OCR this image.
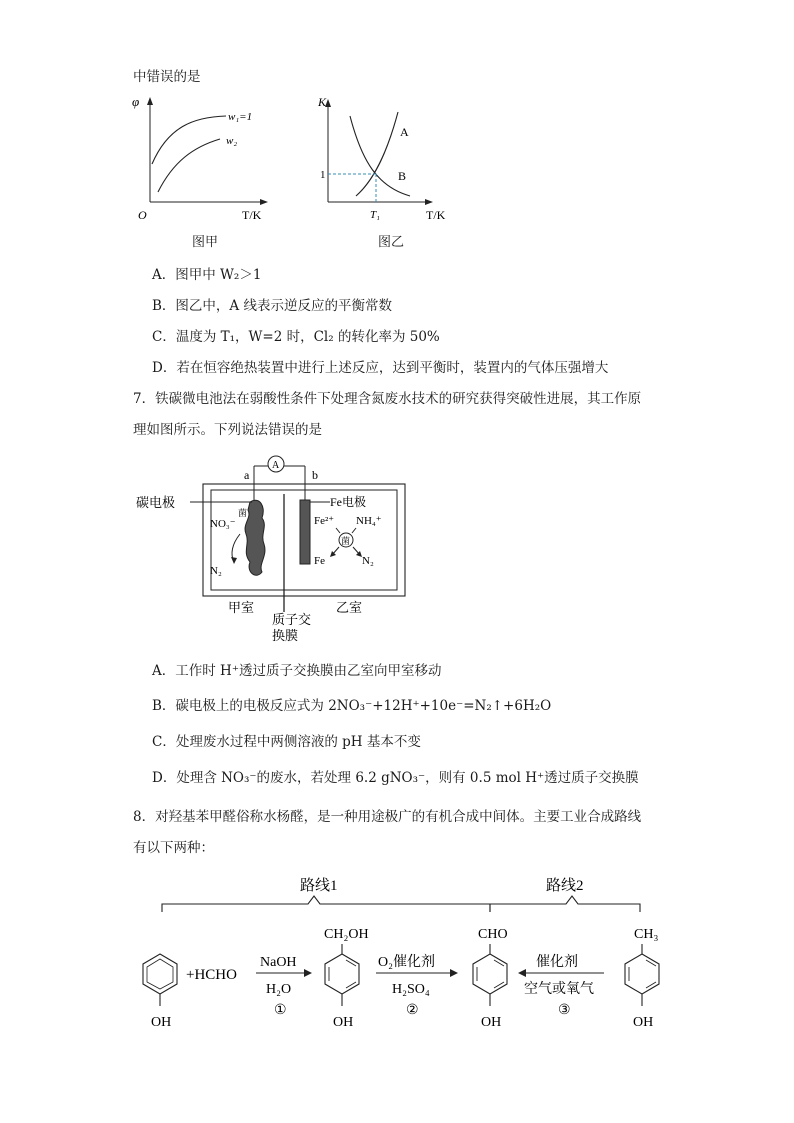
中错误的是
φ
O	T/K
w₁=1
w₂
图甲
K
1
T₁	T/K
A
B
图乙
A．图甲中 W₂＞1
B．图乙中，A 线表示逆反应的平衡常数
C．温度为 T₁，W=2 时，Cl₂ 的转化率为 50%
D．若在恒容绝热装置中进行上述反应，达到平衡时，装置内的气体压强增大
7．铁碳微电池法在弱酸性条件下处理含氮废水技术的研究获得突破性进展，其工作原
理如图所示。下列说法错误的是
A
a	b
碳电极	Fe电极
菌
NO₃⁻
N₂
Fe²⁺ NH₄⁺
菌
Fe	N₂
甲室	乙室
质子交
换膜
A．工作时 H⁺透过质子交换膜由乙室向甲室移动
B．碳电极上的电极反应式为 2NO₃⁻+12H⁺+10e⁻=N₂↑+6H₂O
C．处理废水过程中两侧溶液的 pH 基本不变
D．处理含 NO₃⁻的废水，若处理 6.2 gNO₃⁻，则有 0.5 mol H⁺透过质子交换膜
8．对羟基苯甲醛俗称水杨醛，是一种用途极广的有机合成中间体。主要工业合成路线
有以下两种：
路线1	路线2
OH
+HCHO
NaOH
H₂O
①
CH₂OH
OH
O₂催化剂
H₂SO₄
②
CHO
OH
催化剂
空气或氧气
③
CH₃
OH
